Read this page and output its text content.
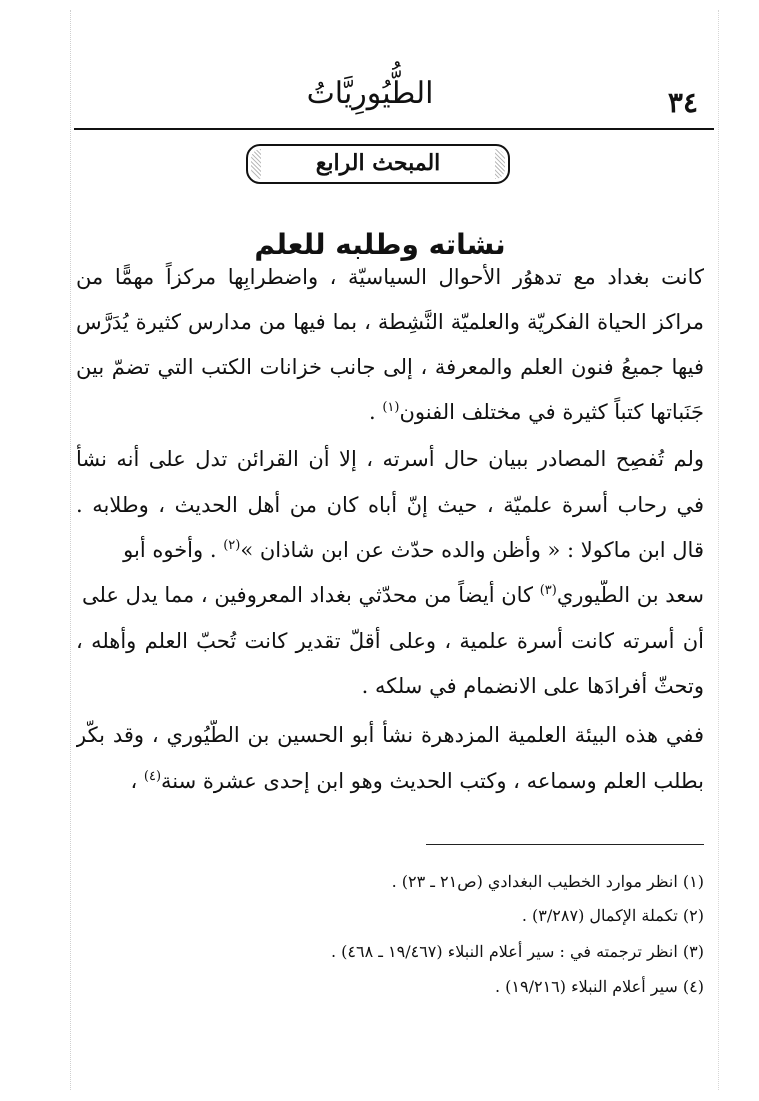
٣٤
الطُّيُورِيَّاتُ
المبحث الرابع
نشاته وطلبه للعلم
كانت بغداد مع تدهوُر الأحوال السياسيّة ، واضطرابِها مركزاً مهمًّا من
مراكز الحياة الفكريّة والعلميّة النَّشِطة ، بما فيها من مدارس كثيرة يُدَرَّس
فيها جميعُ فنون العلم والمعرفة ، إلى جانب خزانات الكتب التي تضمّ بين
جَنَباتها كتباً كثيرة في مختلف الفنون$^{(١)}$ .
ولم تُفصِح المصادر ببيان حال أسرته ، إلا أن القرائن تدل على أنه نشأ
في رحاب أسرة علميّة ، حيث إنّ أباه كان من أهل الحديث ، وطلابه .
قال ابن ماكولا : « وأظن والده حدّث عن ابن شاذان »$^{(٢)}$ . وأخوه أبو
سعد بن الطُّيوري$^{(٣)}$ كان أيضاً من محدّثي بغداد المعروفين ، مما يدل على
أن أسرته كانت أسرة علمية ، وعلى أقلّ تقدير كانت تُحبّ العلم وأهله ،
وتحثّ أفرادَها على الانضمام في سلكه .
ففي هذه البيئة العلمية المزدهرة نشأ أبو الحسين بن الطُّيُوري ، وقد بكّر
بطلب العلم وسماعه ، وكتب الحديث وهو ابن إحدى عشرة سنة$^{(٤)}$ ،
(١) انظر موارد الخطيب البغدادي (ص٢١ ـ ٢٣) .
(٢) تكملة الإكمال (٣/٢٨٧) .
(٣) انظر ترجمته في : سير أعلام النبلاء (١٩/٤٦٧ ـ ٤٦٨) .
(٤) سير أعلام النبلاء (١٩/٢١٦) .
